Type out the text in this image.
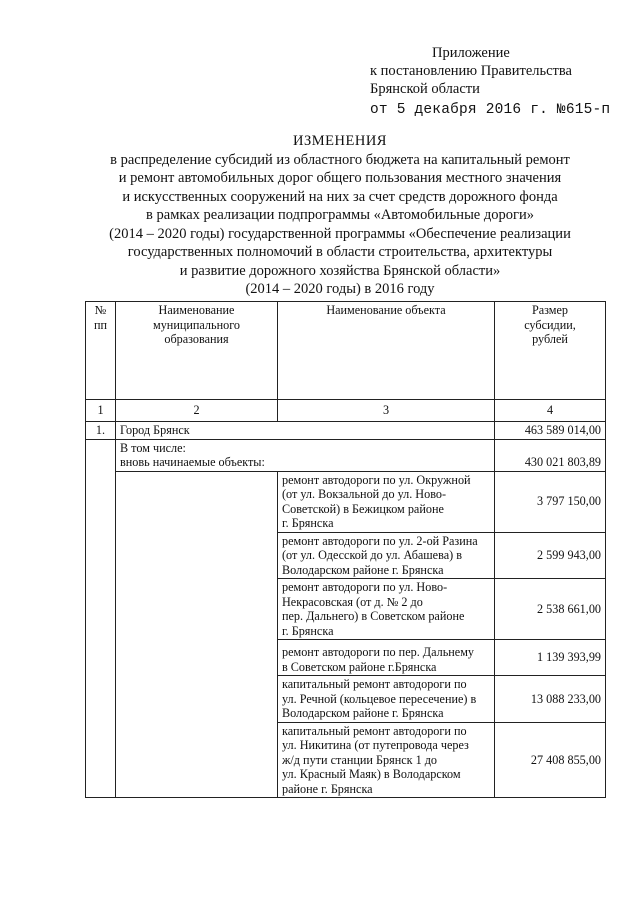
Приложение
к постановлению Правительства
Брянской области
от 5 декабря 2016 г. №615-п
ИЗМЕНЕНИЯ
в распределение субсидий из областного бюджета на капитальный ремонт
и ремонт автомобильных дорог общего пользования местного значения
и искусственных сооружений на них за счет средств дорожного фонда
в рамках реализации подпрограммы «Автомобильные дороги»
(2014 – 2020 годы) государственной программы «Обеспечение реализации
государственных полномочий в области строительства, архитектуры
и развитие дорожного хозяйства Брянской области»
(2014 – 2020 годы) в 2016 году
№
пп	Наименование
муниципального
образования	Наименование объекта	Размер
субсидии,
рублей
1	2	3	4
1.	Город Брянск		463 589 014,00
	В том числе:
вновь начинаемые объекты:		430 021 803,89
		ремонт автодороги по ул. Окружной
(от ул. Вокзальной до ул. Ново-
Советской) в Бежицком районе
г. Брянска	3 797 150,00
		ремонт автодороги по ул. 2-ой Разина
(от ул. Одесской до ул. Абашева) в
Володарском районе г. Брянска	2 599 943,00
		ремонт автодороги по ул. Ново-
Некрасовская (от д. № 2 до
пер. Дальнего) в Советском районе
г. Брянска	2 538 661,00
		ремонт автодороги по пер. Дальнему
в Советском районе г.Брянска	1 139 393,99
		капитальный ремонт автодороги по
ул. Речной (кольцевое пересечение) в
Володарском районе г. Брянска	13 088 233,00
		капитальный ремонт автодороги по
ул. Никитина (от путепровода через
ж/д пути станции Брянск 1 до
ул. Красный Маяк) в Володарском
районе г. Брянска	27 408 855,00
